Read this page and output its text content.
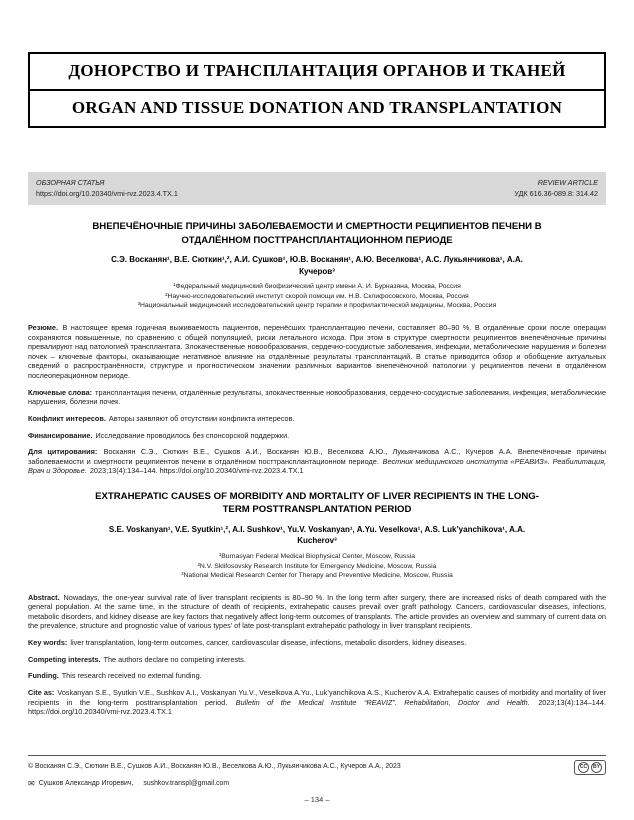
ДОНОРСТВО И ТРАНСПЛАНТАЦИЯ ОРГАНОВ И ТКАНЕЙ
ORGAN AND TISSUE DONATION AND TRANSPLANTATION
ОБЗОРНАЯ СТАТЬЯ
https://doi.org/10.20340/vmi-rvz.2023.4.TX.1
REVIEW ARTICLE
УДК 616.36-089.8: 314.42
ВНЕПЕЧЁНОЧНЫЕ ПРИЧИНЫ ЗАБОЛЕВАЕМОСТИ И СМЕРТНОСТИ РЕЦИПИЕНТОВ ПЕЧЕНИ В ОТДАЛЁННОМ ПОСТТРАНСПЛАНТАЦИОННОМ ПЕРИОДЕ
С.Э. Восканян¹, В.Е. Сюткин¹,², А.И. Сушков¹, Ю.В. Восканян¹, А.Ю. Веселкова¹, А.С. Лукьянчикова¹, А.А. Кучеров³
¹Федеральный медицинский биофизический центр имени А. И. Бурназяна, Москва, Россия
²Научно-исследовательский институт скорой помощи им. Н.В. Склифосовского, Москва, Россия
³Национальный медицинский исследовательский центр терапии и профилактической медицины, Москва, Россия

Резюме. В настоящее время годичная выживаемость пациентов, перенёсших трансплантацию печени, составляет 80–90 %. В отдалённые сроки после операции сохраняются повышенные, по сравнению с общей популяцией, риски летального исхода. При этом в структуре смертности реципиентов внепечёночные причины превалируют над патологией трансплантата. Злокачественные новообразования, сердечно-сосудистые заболевания, инфекции, метаболические нарушения и болезни почек – ключевые факторы, оказывающие негативное влияние на отдалённые результаты трансплантаций. В статье приводится обзор и обобщение актуальных сведений о распространённости, структуре и прогностическом значении различных вариантов внепечёночной патологии у реципиентов печени в отдалённом послеоперационном периоде.

Ключевые слова: трансплантация печени, отдалённые результаты, злокачественные новообразования, сердечно-сосудистые заболевания, инфекция, метаболические нарушения, болезни почек.

Конфликт интересов. Авторы заявляют об отсутствии конфликта интересов.

Финансирование. Исследование проводилось без спонсорской поддержки.

Для цитирования: Восканян С.Э., Сюткин В.Е., Сушков А.И., Восканян Ю.В., Веселкова А.Ю., Лукьянчикова А.С., Кучеров А.А. Внепечёночные причины заболеваемости и смертности реципиентов печени в отдалённом посттрансплантационном периоде. Вестник медицинского института «РЕАВИЗ». Реабилитация, Врач и Здоровье. 2023;13(4):134–144. https://doi.org/10.20340/vmi-rvz.2023.4.TX.1

EXTRAHEPATIC CAUSES OF MORBIDITY AND MORTALITY OF LIVER RECIPIENTS IN THE LONG-TERM POSTTRANSPLANTATION PERIOD
S.E. Voskanyan¹, V.E. Syutkin¹,², A.I. Sushkov¹, Yu.V. Voskanyan¹, A.Yu. Veselkova¹, A.S. Luk’yanchikova¹, A.A. Kucherov³
¹Burnasyan Federal Medical Biophysical Center, Moscow, Russia
²N.V. Sklifosovsky Research Institute for Emergency Medicine, Moscow, Russia
³National Medical Research Center for Therapy and Preventive Medicine, Moscow, Russia

Abstract. Nowadays, the one-year survival rate of liver transplant recipients is 80–90 %. In the long term after surgery, there are increased risks of death compared with the general population. At the same time, in the structure of death of recipients, extrahepatic causes prevail over graft pathology. Cancers, cardiovascular diseases, infections, metabolic disorders, and kidney disease are key factors that negatively affect long-term outcomes of transplants. The article provides an overview and summary of current data on the prevalence, structure and prognostic value of various types’ of late post-transplant extrahepatic pathology in liver transplant recipients.

Key words: liver transplantation, long-term outcomes, cancer, cardiovascular disease, infections, metabolic disorders, kidney diseases.

Competing interests. The authors declare no competing interests.

Funding. This research received no external funding.

Cite as: Voskanyan S.E., Syutkin V.E., Sushkov A.I., Voskanyan Yu.V., Veselkova A.Yu., Luk’yanchikova A.S., Kucherov A.A. Extrahepatic causes of morbidity and mortality of liver recipients in the long-term posttransplantation period. Bulletin of the Medical Institute “REAVIZ”. Rehabilitation, Doctor and Health. 2023;13(4):134–144. https://doi.org/10.20340/vmi-rvz.2023.4.TX.1

© Восканян С.Э., Сюткин В.Е., Сушков А.И., Восканян Ю.В., Веселкова А.Ю., Лукьянчикова А.С., Кучеров А.А., 2023	CC	BY
✉ Сушков Александр Игоревич, sushkov.transpl@gmail.com
– 134 –
